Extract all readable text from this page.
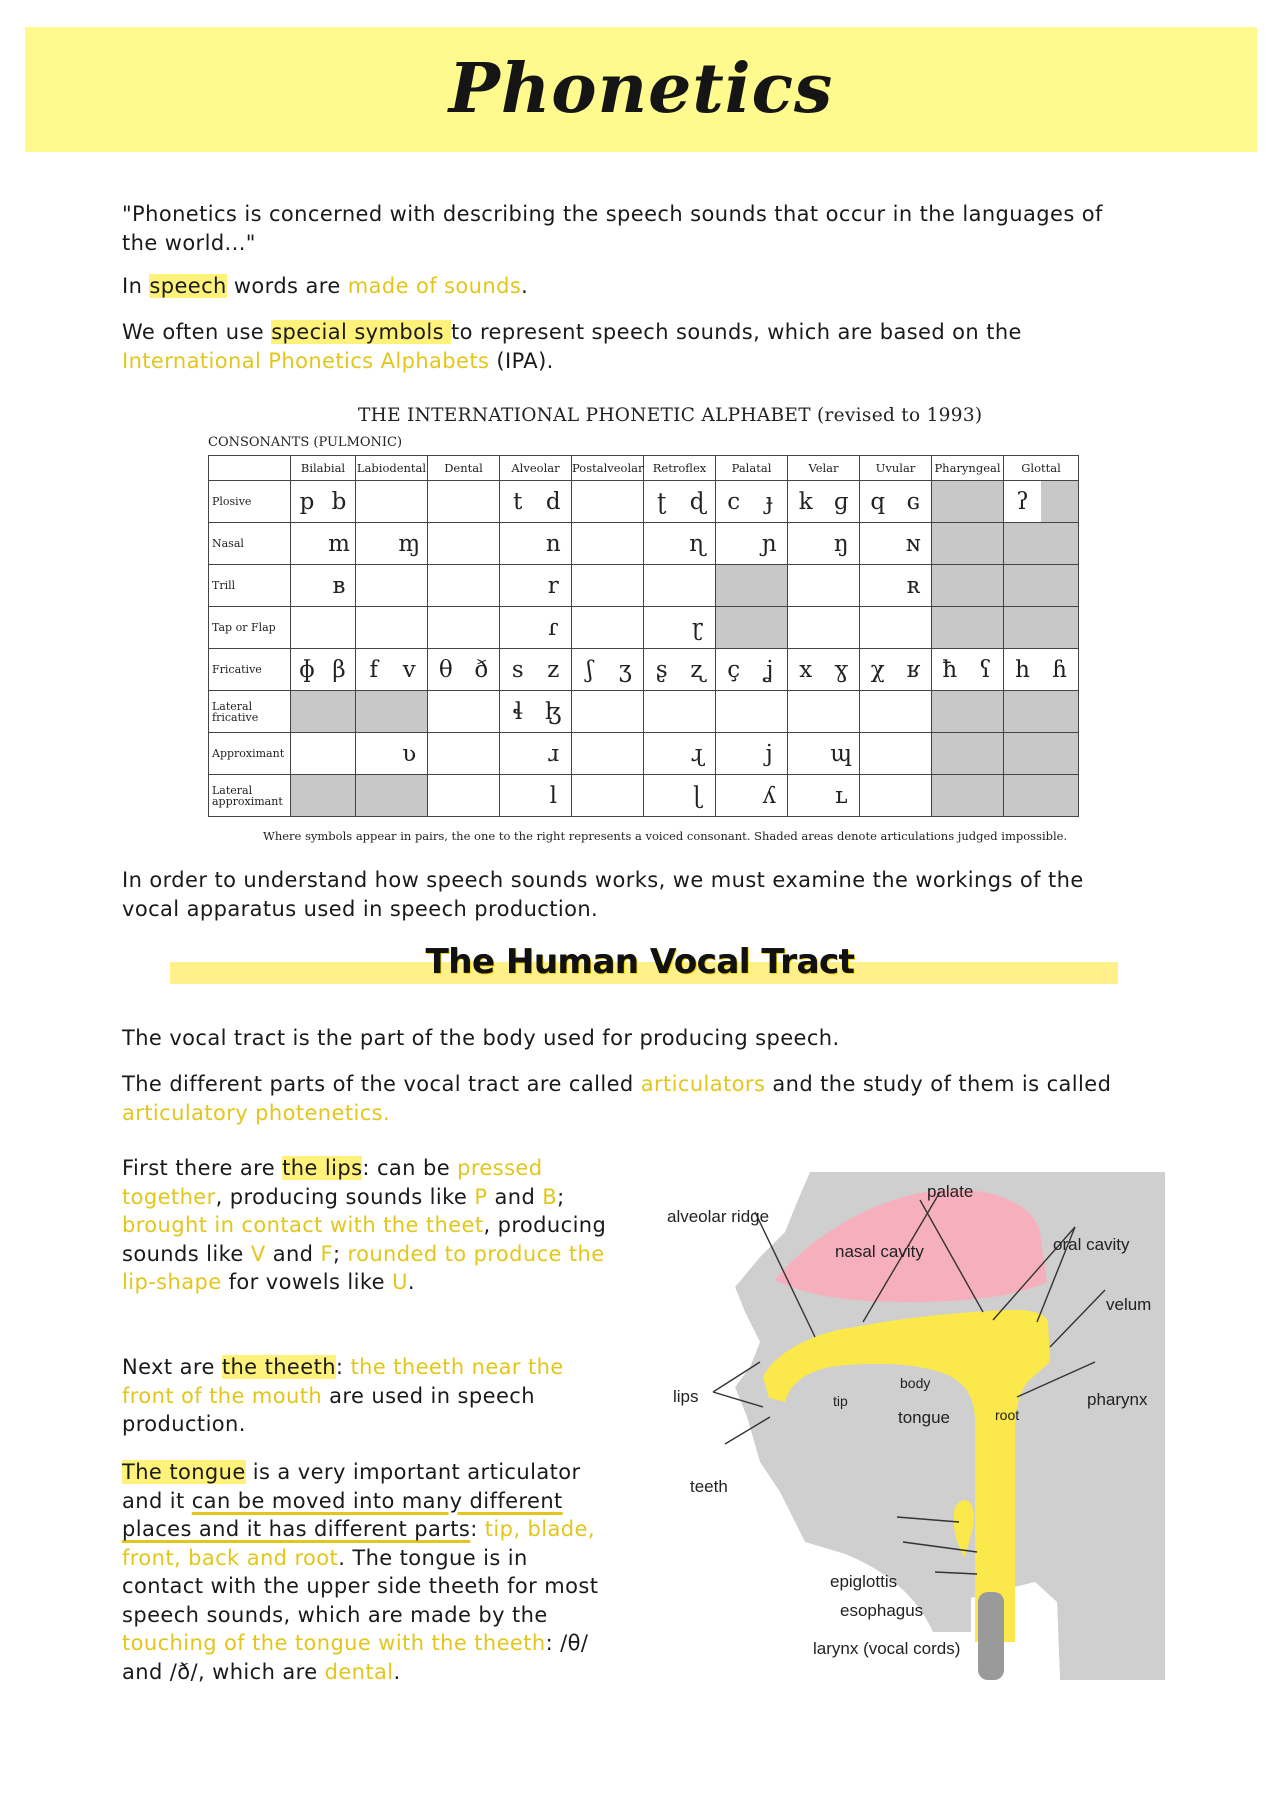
Phonetics

"Phonetics is concerned with describing the speech sounds that occur in the languages of the world..."

In speech words are made of sounds.

We often use special symbols to represent speech sounds, which are based on the International Phonetics Alphabets (IPA).

THE INTERNATIONAL PHONETIC ALPHABET (revised to 1993)
CONSONANTS (PULMONIC)
	Bilabial	Labiodental	Dental	Alveolar	Postalveolar	Retroflex	Palatal	Velar	Uvular	Pharyngeal	Glottal
Plosive	p b			t d		ʈ ɖ	c ɟ	k ɡ	q ɢ		ʔ

Nasal	m	ɱ		n		ɳ	ɲ	ŋ	ɴ		

Trill	ʙ			r					ʀ		

Tap or Flap				ɾ		ɽ					

Fricative	ɸ β	f v	θ ð	s z	ʃ ʒ	ʂ ʐ	ç ʝ	x ɣ	χ ʁ	ħ ʕ	h ɦ

Lateral fricative				ɬ ɮ							

Approximant		ʋ		ɹ		ɻ	j	ɰ			

Lateral approximant				l		ɭ	ʎ	ʟ			

Where symbols appear in pairs, the one to the right represents a voiced consonant. Shaded areas denote articulations judged impossible.

In order to understand how speech sounds works, we must examine the workings of the vocal apparatus used in speech production.

The Human Vocal Tract

The vocal tract is the part of the body used for producing speech.

The different parts of the vocal tract are called articulators and the study of them is called articulatory photenetics.

First there are the lips: can be pressed together, producing sounds like P and B; brought in contact with the theet, producing sounds like V and F; rounded to produce the lip-shape for vowels like U.

Next are the theeth: the theeth near the front of the mouth are used in speech production.

The tongue is a very important articulator and it can be moved into many different places and it has different parts: tip, blade, front, back and root. The tongue is in contact with the upper side theeth for most speech sounds, which are made by the touching of the tongue with the theeth: /θ/ and /ð/, which are dental.

alveolar ridge
palate
nasal cavity	oral cavity
velum
body
tip
tongue	root
lips	pharynx
teeth
epiglottis
esophagus
larynx (vocal cords)
